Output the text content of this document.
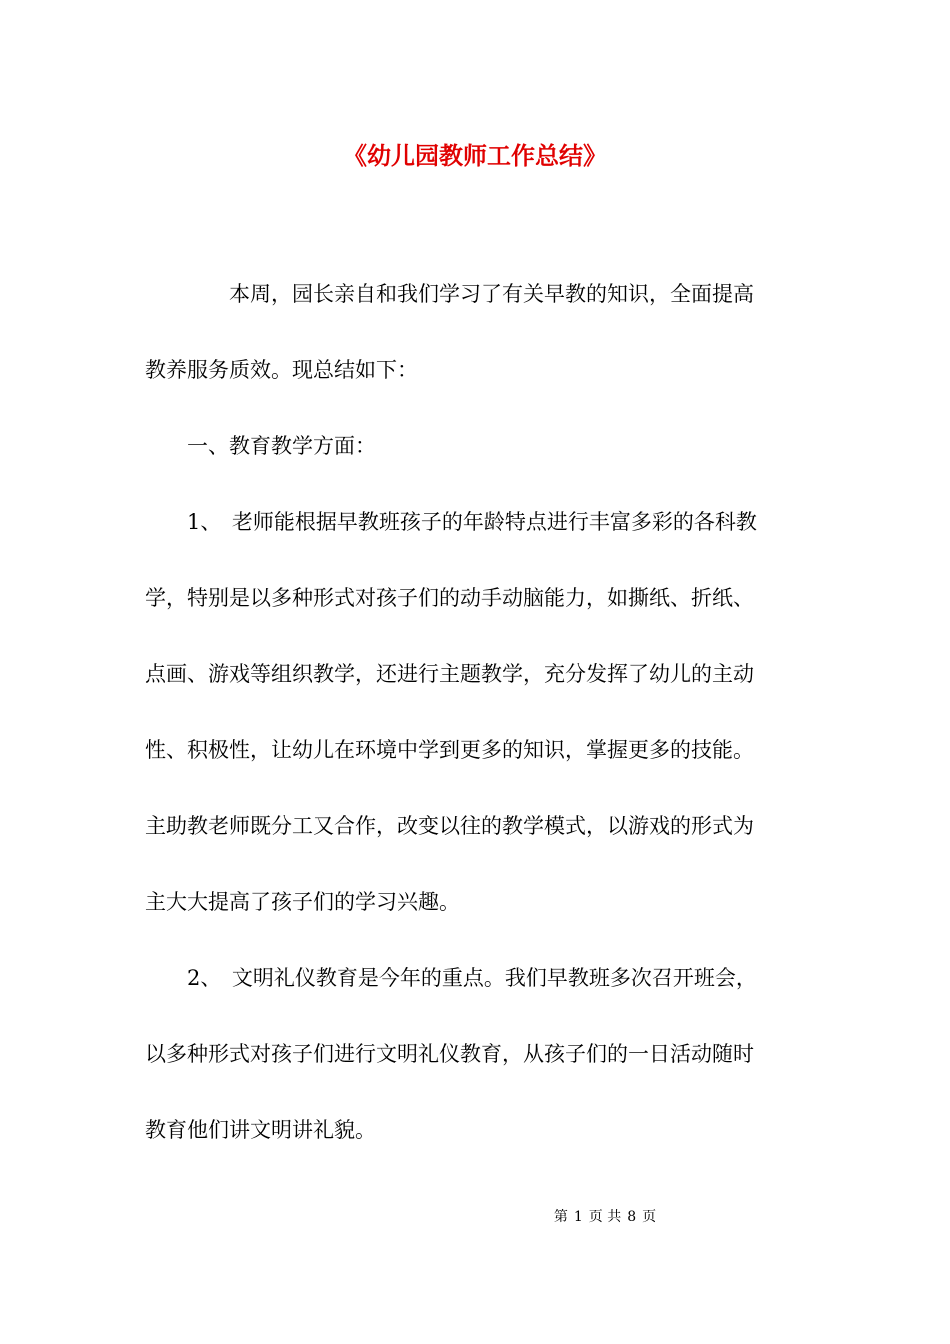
《幼儿园教师工作总结》
　　　　本周，园长亲自和我们学习了有关早教的知识，全面提高
教养服务质效。现总结如下：
　　一、教育教学方面：
　　1、　老师能根据早教班孩子的年龄特点进行丰富多彩的各科教
学，特别是以多种形式对孩子们的动手动脑能力，如撕纸、折纸、
点画、游戏等组织教学，还进行主题教学，充分发挥了幼儿的主动
性、积极性，让幼儿在环境中学到更多的知识，掌握更多的技能。
主助教老师既分工又合作，改变以往的教学模式，以游戏的形式为
主大大提高了孩子们的学习兴趣。
　　2、　文明礼仪教育是今年的重点。我们早教班多次召开班会，
以多种形式对孩子们进行文明礼仪教育，从孩子们的一日活动随时
教育他们讲文明讲礼貌。
第 1 页 共 8 页
